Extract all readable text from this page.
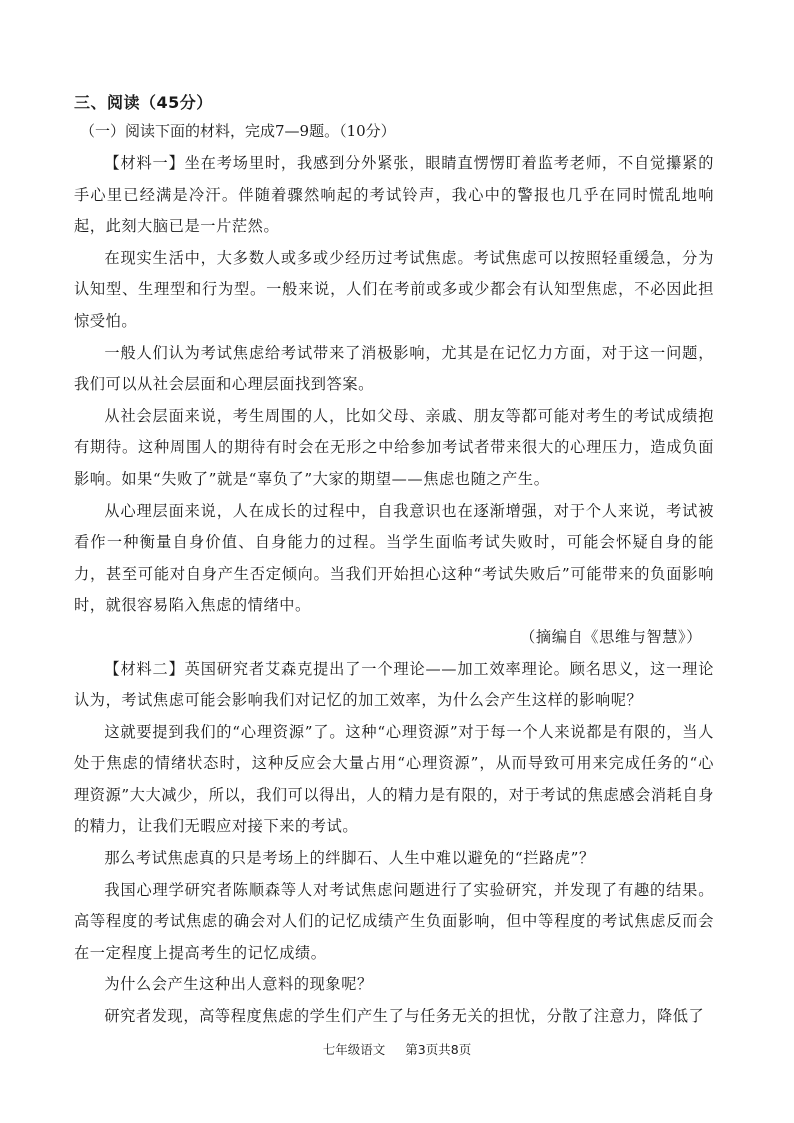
三、阅读（45分）
（一）阅读下面的材料，完成7—9题。（10分）

【材料一】坐在考场里时，我感到分外紧张，眼睛直愣愣盯着监考老师，不自觉攥紧的手心里已经满是冷汗。伴随着骤然响起的考试铃声，我心中的警报也几乎在同时慌乱地响起，此刻大脑已是一片茫然。

在现实生活中，大多数人或多或少经历过考试焦虑。考试焦虑可以按照轻重缓急，分为认知型、生理型和行为型。一般来说，人们在考前或多或少都会有认知型焦虑，不必因此担惊受怕。

一般人们认为考试焦虑给考试带来了消极影响，尤其是在记忆力方面，对于这一问题，我们可以从社会层面和心理层面找到答案。

从社会层面来说，考生周围的人，比如父母、亲戚、朋友等都可能对考生的考试成绩抱有期待。这种周围人的期待有时会在无形之中给参加考试者带来很大的心理压力，造成负面影响。如果“失败了”就是“辜负了”大家的期望——焦虑也随之产生。

从心理层面来说，人在成长的过程中，自我意识也在逐渐增强，对于个人来说，考试被看作一种衡量自身价值、自身能力的过程。当学生面临考试失败时，可能会怀疑自身的能力，甚至可能对自身产生否定倾向。当我们开始担心这种“考试失败后”可能带来的负面影响时，就很容易陷入焦虑的情绪中。

（摘编自《思维与智慧》）

【材料二】英国研究者艾森克提出了一个理论——加工效率理论。顾名思义，这一理论认为，考试焦虑可能会影响我们对记忆的加工效率，为什么会产生这样的影响呢？

这就要提到我们的“心理资源”了。这种“心理资源”对于每一个人来说都是有限的，当人处于焦虑的情绪状态时，这种反应会大量占用“心理资源”，从而导致可用来完成任务的“心理资源”大大减少，所以，我们可以得出，人的精力是有限的，对于考试的焦虑感会消耗自身的精力，让我们无暇应对接下来的考试。

那么考试焦虑真的只是考场上的绊脚石、人生中难以避免的“拦路虎”？

我国心理学研究者陈顺森等人对考试焦虑问题进行了实验研究，并发现了有趣的结果。高等程度的考试焦虑的确会对人们的记忆成绩产生负面影响，但中等程度的考试焦虑反而会在一定程度上提高考生的记忆成绩。

为什么会产生这种出人意料的现象呢？

研究者发现，高等程度焦虑的学生们产生了与任务无关的担忧，分散了注意力，降低了

七年级语文 第3页共8页
